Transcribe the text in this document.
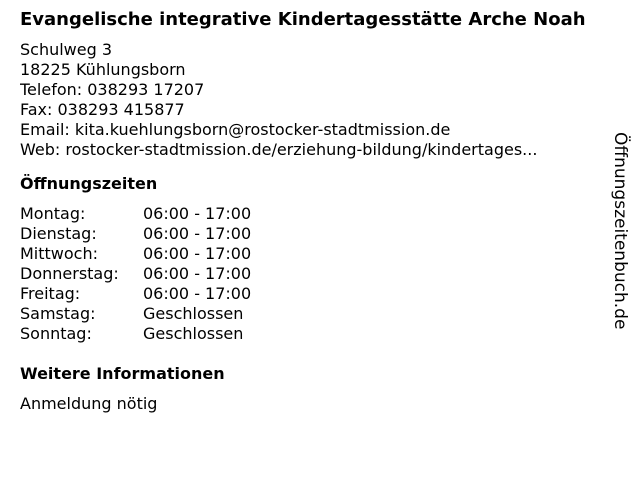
Evangelische integrative Kindertagesstätte Arche Noah
Schulweg 3
18225 Kühlungsborn
Telefon: 038293 17207
Fax: 038293 415877
Email: kita.kuehlungsborn@rostocker-stadtmission.de
Web: rostocker-stadtmission.de/erziehung-bildung/kindertages...
Öffnungszeiten
Montag:	06:00 - 17:00
Dienstag:	06:00 - 17:00
Mittwoch:	06:00 - 17:00
Donnerstag:	06:00 - 17:00
Freitag:	06:00 - 17:00
Samstag:	Geschlossen
Sonntag:	Geschlossen
Weitere Informationen
Anmeldung nötig
Öffnungszeitenbuch.de
